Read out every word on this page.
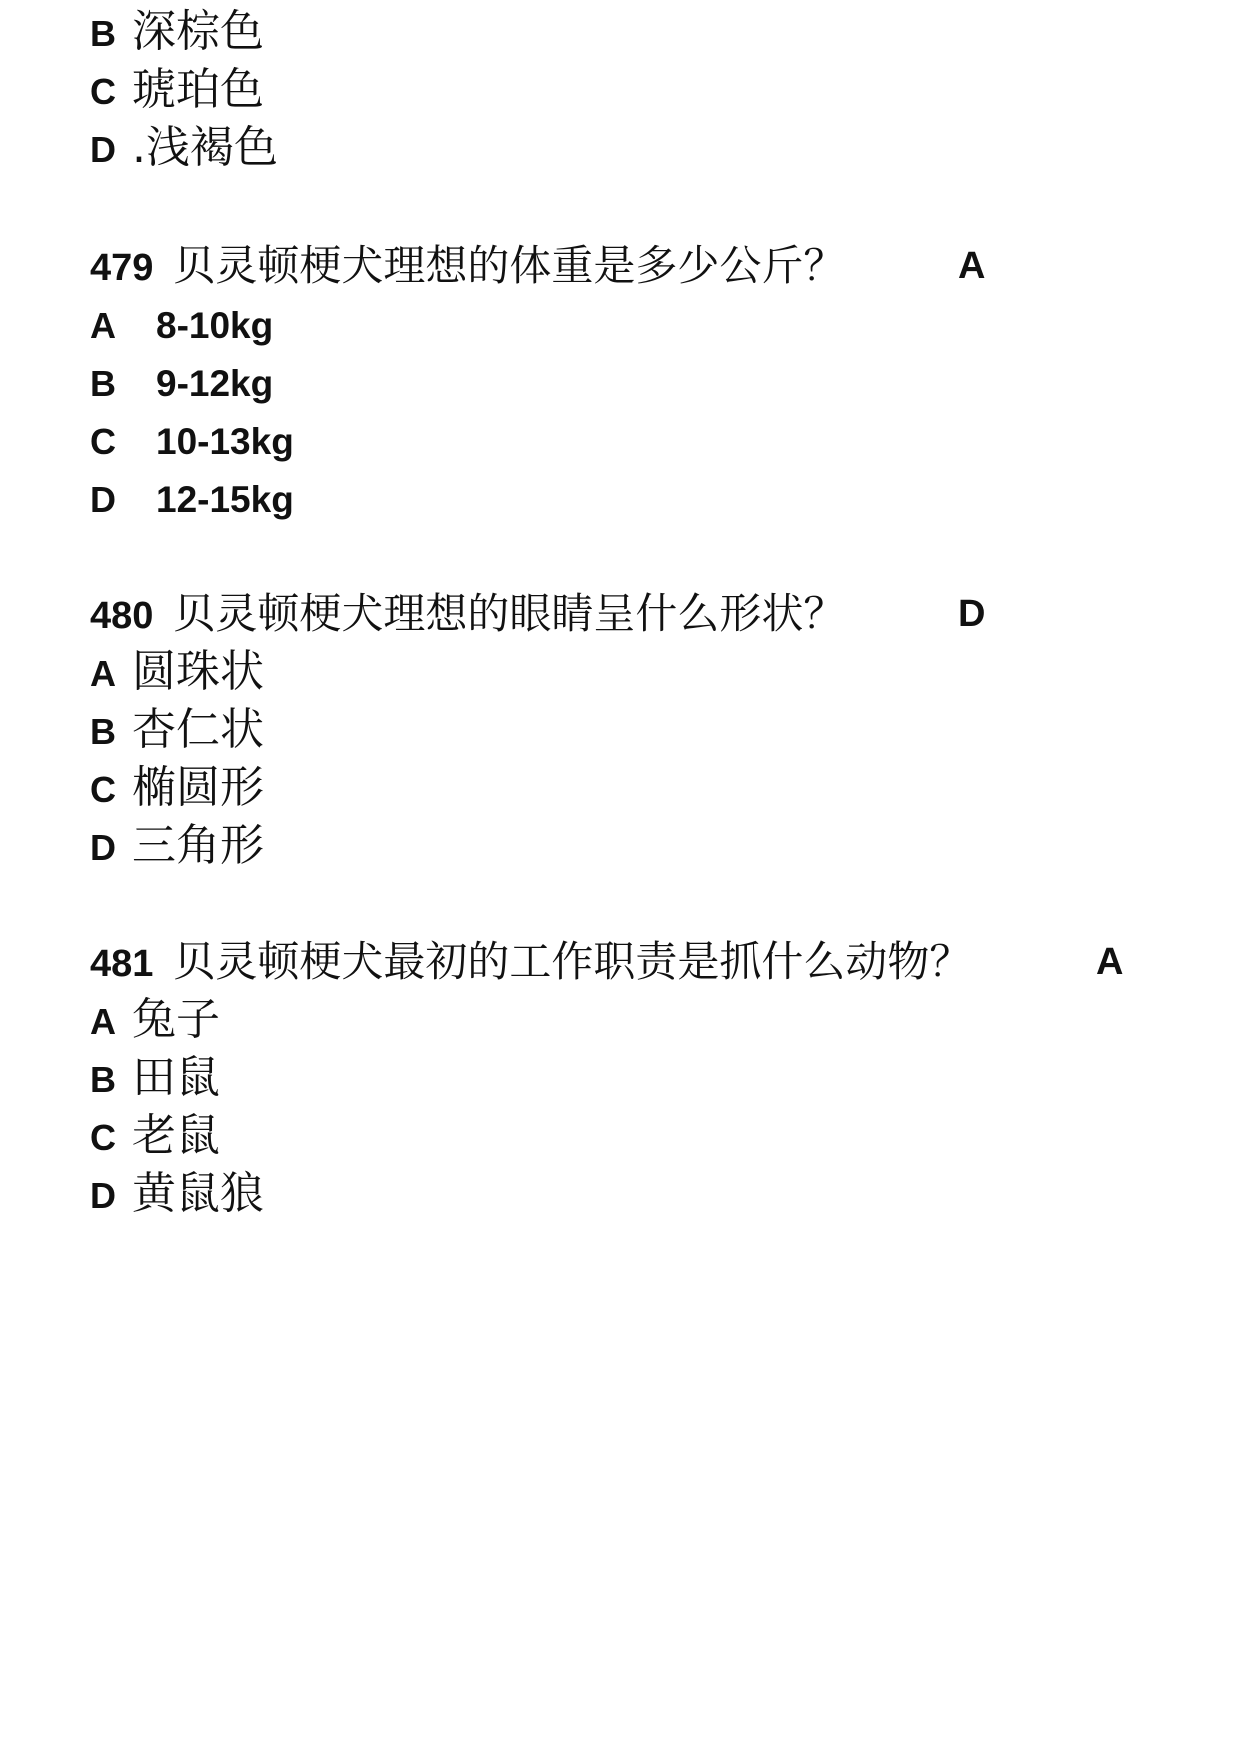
B 深棕色
C 琥珀色
D .浅褐色
479 贝灵顿梗犬理想的体重是多少公斤？	A
A 8-10kg
B 9-12kg
C 10-13kg
D 12-15kg
480 贝灵顿梗犬理想的眼睛呈什么形状？	D
A 圆珠状
B 杏仁状
C 椭圆形
D 三角形
481 贝灵顿梗犬最初的工作职责是抓什么动物？	A
A 兔子
B 田鼠
C 老鼠
D 黄鼠狼
